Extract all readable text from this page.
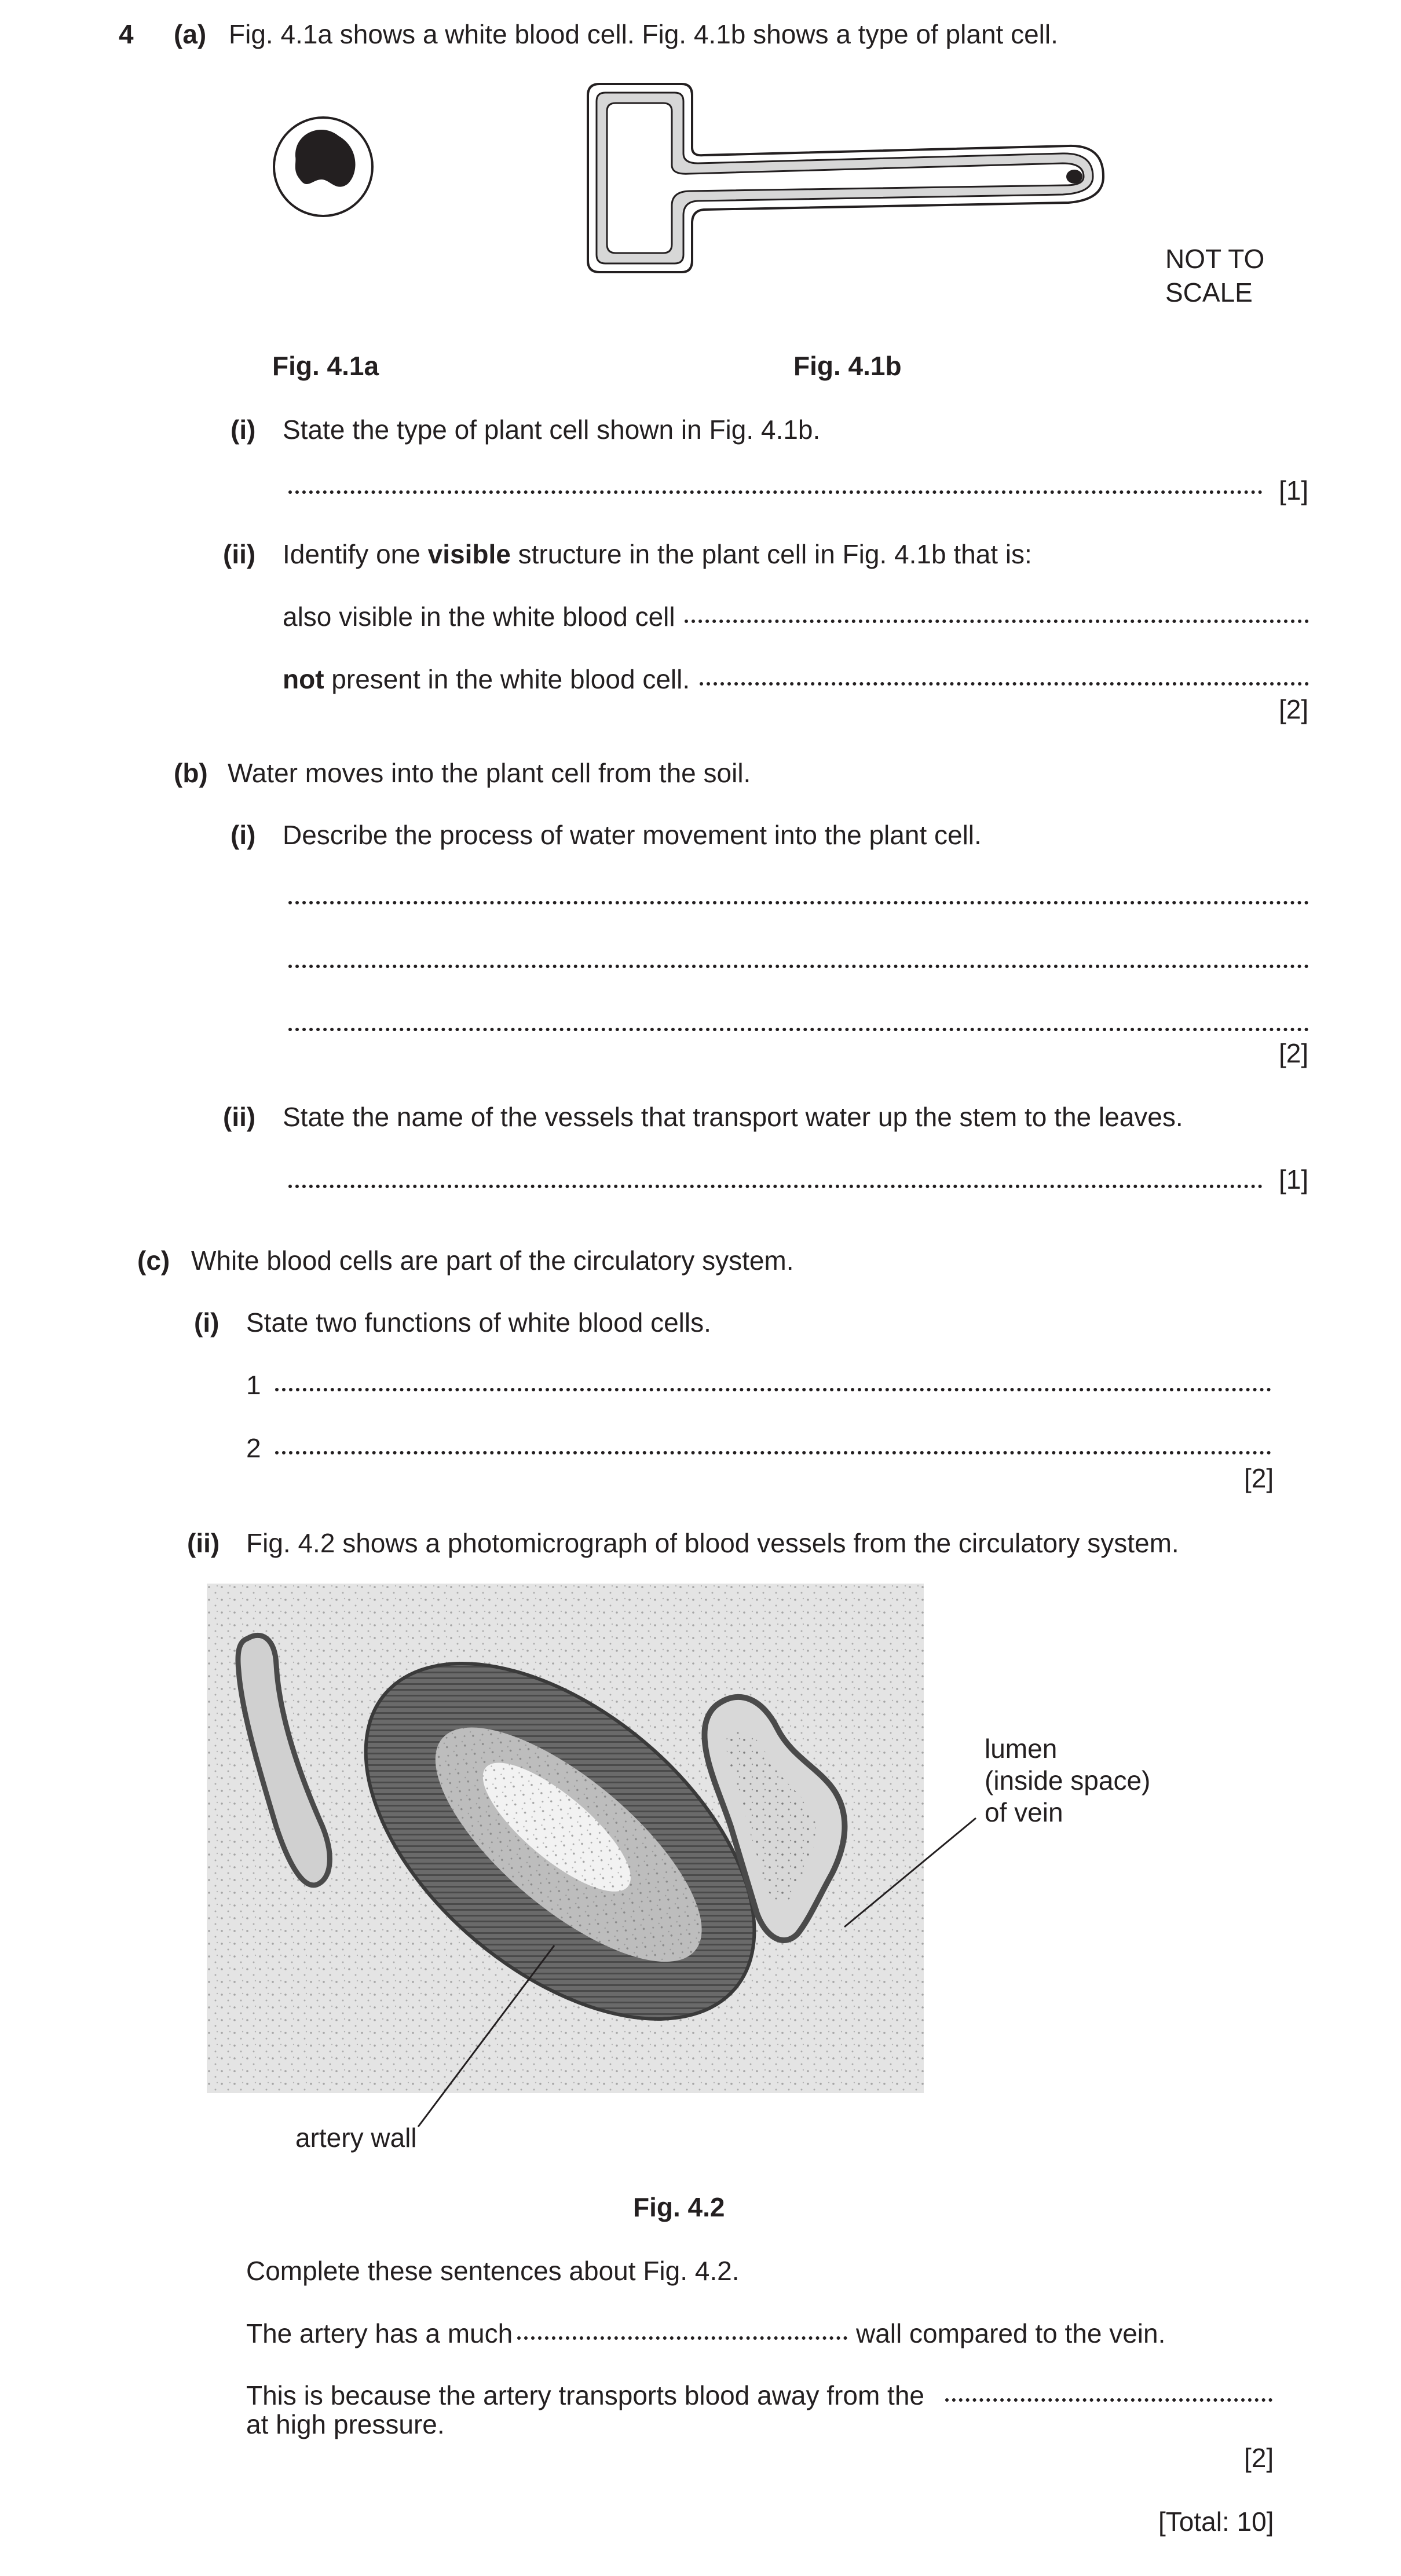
4 (a) Fig. 4.1a shows a white blood cell. Fig. 4.1b shows a type of plant cell.
NOT TO
SCALE
Fig. 4.1a	Fig. 4.1b
(i) State the type of plant cell shown in Fig. 4.1b.
[1]
(ii) Identify one visible structure in the plant cell in Fig. 4.1b that is:
also visible in the white blood cell
not present in the white blood cell.
[2]
(b) Water moves into the plant cell from the soil.
(i) Describe the process of water movement into the plant cell.
[2]
(ii) State the name of the vessels that transport water up the stem to the leaves.
[1]
(c) White blood cells are part of the circulatory system.
(i) State two functions of white blood cells.
1
2
[2]
(ii) Fig. 4.2 shows a photomicrograph of blood vessels from the circulatory system.
lumen
(inside space)
of vein
artery wall
Fig. 4.2
Complete these sentences about Fig. 4.2.
The artery has a much	wall compared to the vein.
This is because the artery transports blood away from the
at high pressure.
[2]
[Total: 10]
